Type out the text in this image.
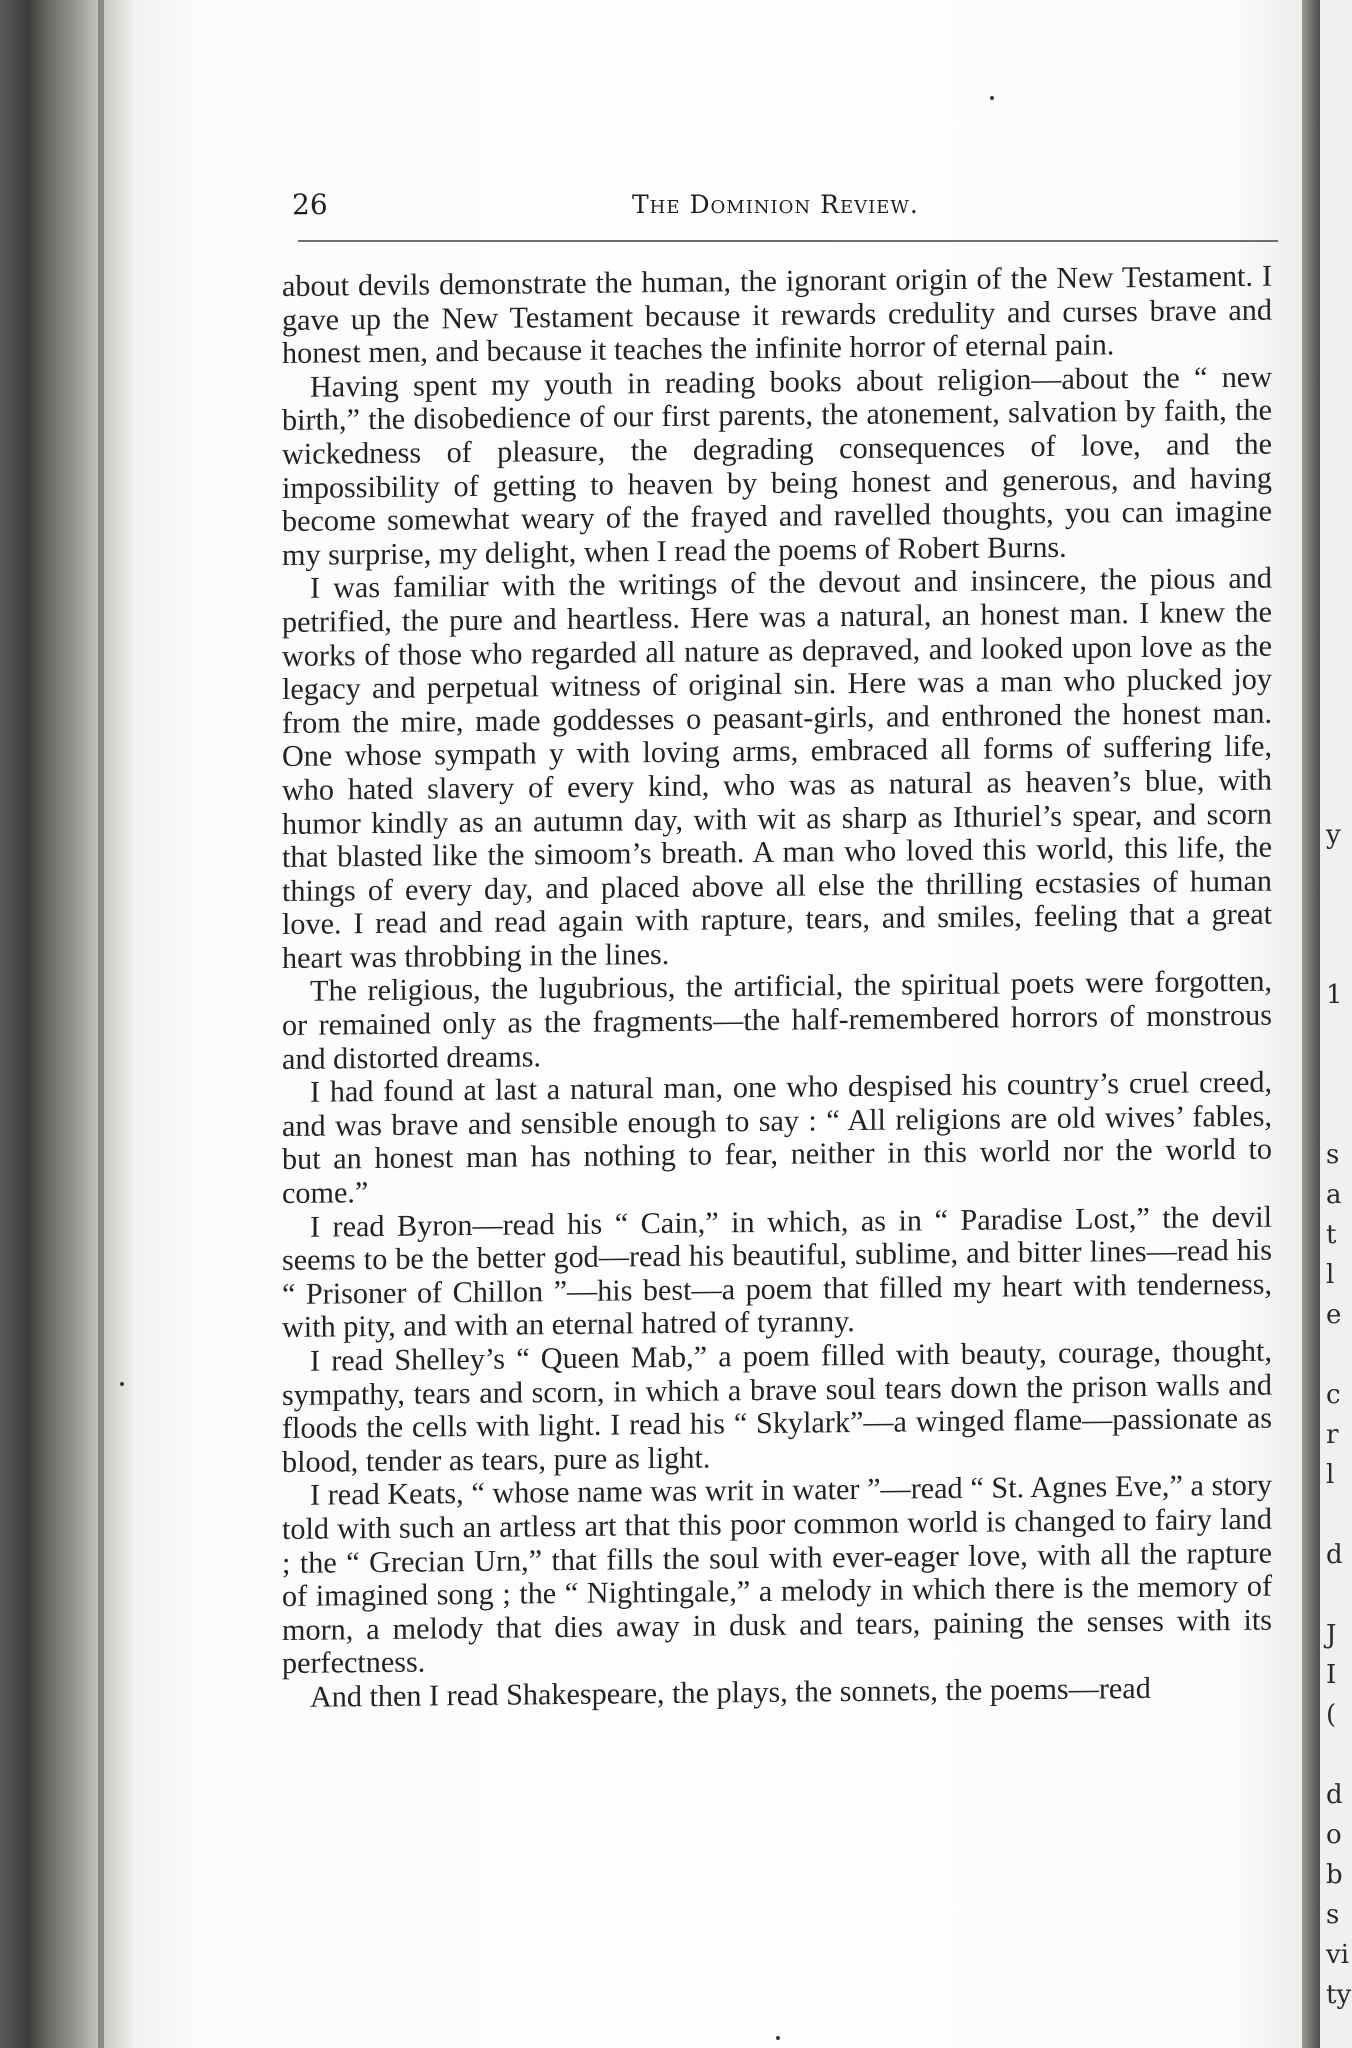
26	The Dominion Review.

about devils demonstrate the human, the ignorant origin of the New Testament. I gave up the New Testament because it rewards credulity and curses brave and honest men, and because it teaches the infinite horror of eternal pain.

Having spent my youth in reading books about religion—about the “ new birth,” the disobedience of our first parents, the atonement, salvation by faith, the wickedness of pleasure, the degrading consequences of love, and the impossibility of getting to heaven by being honest and generous, and having become somewhat weary of the frayed and ravelled thoughts, you can imagine my surprise, my delight, when I read the poems of Robert Burns.

I was familiar with the writings of the devout and insincere, the pious and petrified, the pure and heartless. Here was a natural, an honest man. I knew the works of those who regarded all nature as depraved, and looked upon love as the legacy and perpetual witness of original sin. Here was a man who plucked joy from the mire, made goddesses o peasant-girls, and enthroned the honest man. One whose sympath y with loving arms, embraced all forms of suffering life, who hated slavery of every kind, who was as natural as heaven’s blue, with humor kindly as an autumn day, with wit as sharp as Ithuriel’s spear, and scorn that blasted like the simoom’s breath. A man who loved this world, this life, the things of every day, and placed above all else the thrilling ecstasies of human love. I read and read again with rapture, tears, and smiles, feeling that a great heart was throbbing in the lines.

The religious, the lugubrious, the artificial, the spiritual poets were forgotten, or remained only as the fragments—the half-remembered horrors of monstrous and distorted dreams.

I had found at last a natural man, one who despised his country’s cruel creed, and was brave and sensible enough to say : “ All religions are old wives’ fables, but an honest man has nothing to fear, neither in this world nor the world to come.”

I read Byron—read his “ Cain,” in which, as in “ Paradise Lost,” the devil seems to be the better god—read his beautiful, sublime, and bitter lines—read his “ Prisoner of Chillon ”—his best—a poem that filled my heart with tenderness, with pity, and with an eternal hatred of tyranny.

I read Shelley’s “ Queen Mab,” a poem filled with beauty, courage, thought, sympathy, tears and scorn, in which a brave soul tears down the prison walls and floods the cells with light. I read his “ Skylark”—a winged flame—passionate as blood, tender as tears, pure as light.

I read Keats, “ whose name was writ in water ”—read “ St. Agnes Eve,” a story told with such an artless art that this poor common world is changed to fairy land ; the “ Grecian Urn,” that fills the soul with ever-eager love, with all the rapture of imagined song ; the “ Nightingale,” a melody in which there is the memory of morn, a melody that dies away in dusk and tears, paining the senses with its perfectness.

And then I read Shakespeare, the plays, the sonnets, the poems—read

y
1
s
a
t
l
e
c
r
l
d
J
I
(
d
o
b
s
vi
ty
